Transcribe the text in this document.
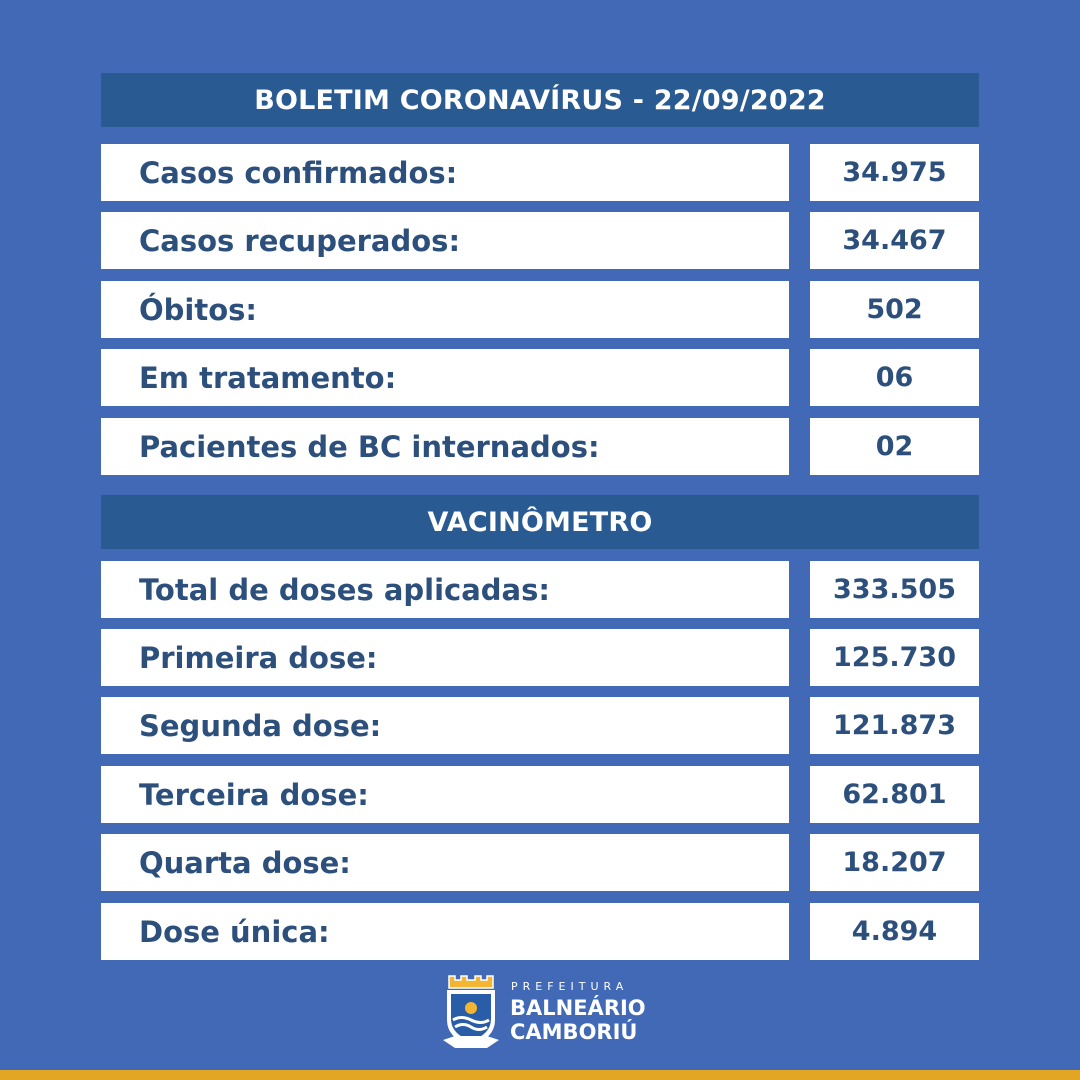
BOLETIM CORONAVÍRUS - 22/09/2022
Casos confirmados:	34.975
Casos recuperados:	34.467
Óbitos:	502
Em tratamento:	06
Pacientes de BC internados:	02
VACINÔMETRO
Total de doses aplicadas:	333.505
Primeira dose:	125.730
Segunda dose:	121.873
Terceira dose:	62.801
Quarta dose:	18.207
Dose única:	4.894
PREFEITURA
BALNEÁRIO
CAMBORIÚ
